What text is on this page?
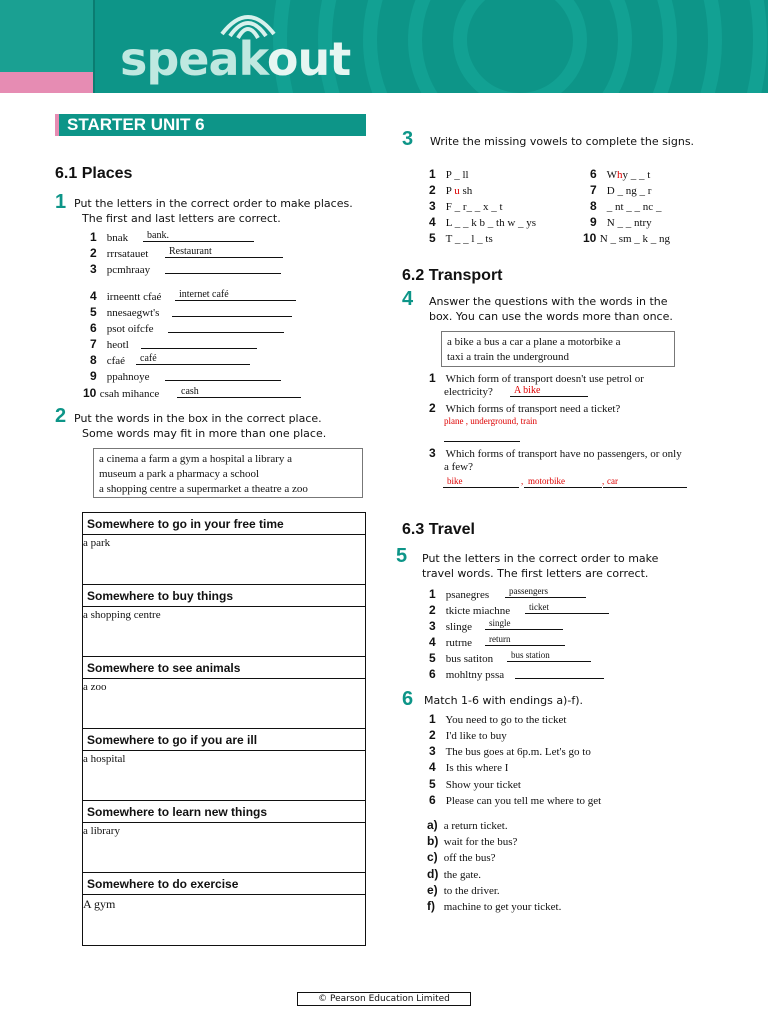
speakout
STARTER UNIT 6
6.1 Places
1 Put the letters in the correct order to make places.
The first and last letters are correct.
1 bnak	bank.
2 rrrsatauet	Restaurant
3 pcmhraay
4 irneentt cfaé	internet café
5 nnesaegwt's
6 psot oifcfe
7 heotl
8 cfaé	café
9 ppahnoye
10 csah mihance	cash
2 Put the words in the box in the correct place.
Some words may fit in more than one place.
a cinema a farm a gym a hospital a library a
museum a park a pharmacy a school
a shopping centre a supermarket a theatre a zoo
Somewhere to go in your free time
a park
Somewhere to buy things
a shopping centre
Somewhere to see animals
a zoo
Somewhere to go if you are ill
a hospital
Somewhere to learn new things
a library
Somewhere to do exercise
A gym
3 Write the missing vowels to complete the signs.
1 P _ ll
2 P u sh
3 F _ r_ _ x _ t
4 L _ _ k b _ th w _ ys
5 T _ _ l _ ts
6 Why _ _ t
7 D _ ng _ r
8 _ nt _ _ nc _
9 N _ _ ntry
10 N _ sm _ k _ ng
6.2 Transport
4 Answer the questions with the words in the
box. You can use the words more than once.
a bike a bus a car a plane a motorbike a
taxi a train the underground
1 Which form of transport doesn't use petrol or
electricity?	A bike
2 Which forms of transport need a ticket?
plane , underground, train
3 Which forms of transport have no passengers, or only
a few?
bike	, motorbike	, car
6.3 Travel
5 Put the letters in the correct order to make
travel words. The first letters are correct.
1 psanegres	passengers
2 tkicte miachne	ticket
3 slinge	single
4 rutrne	return
5 bus satiton	bus station
6 mohltny pssa
6 Match 1-6 with endings a)-f).
1 You need to go to the ticket
2 I'd like to buy
3 The bus goes at 6p.m. Let's go to
4 Is this where I
5 Show your ticket
6 Please can you tell me where to get
a) a return ticket.
b) wait for the bus?
c) off the bus?
d) the gate.
e) to the driver.
f) machine to get your ticket.
© Pearson Education Limited
